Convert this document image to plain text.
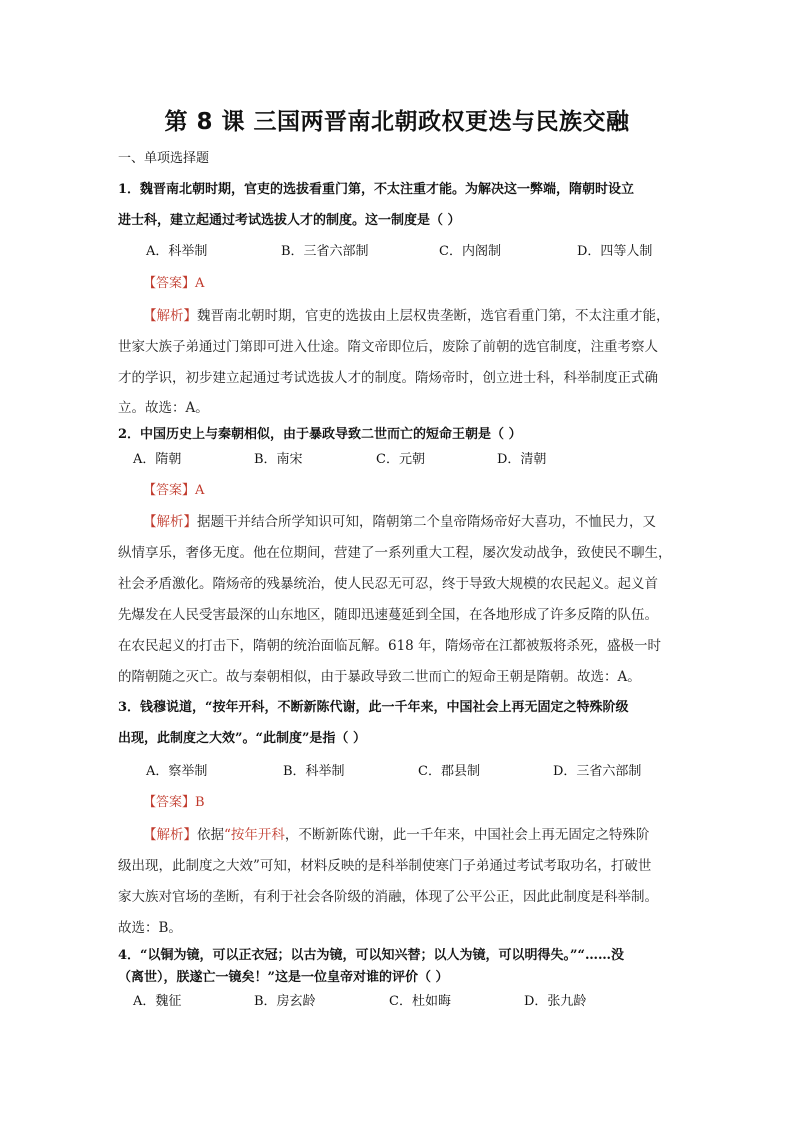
第 8 课 三国两晋南北朝政权更迭与民族交融
一、单项选择题
1．魏晋南北朝时期，官吏的选拔看重门第，不太注重才能。为解决这一弊端，隋朝时设立
进士科，建立起通过考试选拔人才的制度。这一制度是（ ）
A．科举制	B．三省六部制	C．内阁制	D．四等人制
【答案】A
【解析】魏晋南北朝时期，官吏的选拔由上层权贵垄断，选官看重门第，不太注重才能，
世家大族子弟通过门第即可进入仕途。隋文帝即位后，废除了前朝的选官制度，注重考察人
才的学识，初步建立起通过考试选拔人才的制度。隋炀帝时，创立进士科，科举制度正式确
立。故选：A。
2．中国历史上与秦朝相似，由于暴政导致二世而亡的短命王朝是（ ）
A．隋朝	B．南宋	C．元朝	D．清朝
【答案】A
【解析】据题干并结合所学知识可知，隋朝第二个皇帝隋炀帝好大喜功，不恤民力，又
纵情享乐，奢侈无度。他在位期间，营建了一系列重大工程，屡次发动战争，致使民不聊生，
社会矛盾激化。隋炀帝的残暴统治，使人民忍无可忍，终于导致大规模的农民起义。起义首
先爆发在人民受害最深的山东地区，随即迅速蔓延到全国，在各地形成了许多反隋的队伍。
在农民起义的打击下，隋朝的统治面临瓦解。618 年，隋炀帝在江都被叛将杀死，盛极一时
的隋朝随之灭亡。故与秦朝相似，由于暴政导致二世而亡的短命王朝是隋朝。故选：A。
3．钱穆说道，“按年开科，不断新陈代谢，此一千年来，中国社会上再无固定之特殊阶级
出现，此制度之大效”。“此制度”是指（ ）
A．察举制	B．科举制	C．郡县制	D．三省六部制
【答案】B
【解析】依据“按年开科，不断新陈代谢，此一千年来，中国社会上再无固定之特殊阶
级出现，此制度之大效”可知，材料反映的是科举制使寒门子弟通过考试考取功名，打破世
家大族对官场的垄断，有利于社会各阶级的消融，体现了公平公正，因此此制度是科举制。
故选：B。
4．“以铜为镜，可以正衣冠；以古为镜，可以知兴替；以人为镜，可以明得失。”“……没
（离世），朕遂亡一镜矣！”这是一位皇帝对谁的评价（ ）
A．魏征	B．房玄龄	C．杜如晦	D．张九龄
